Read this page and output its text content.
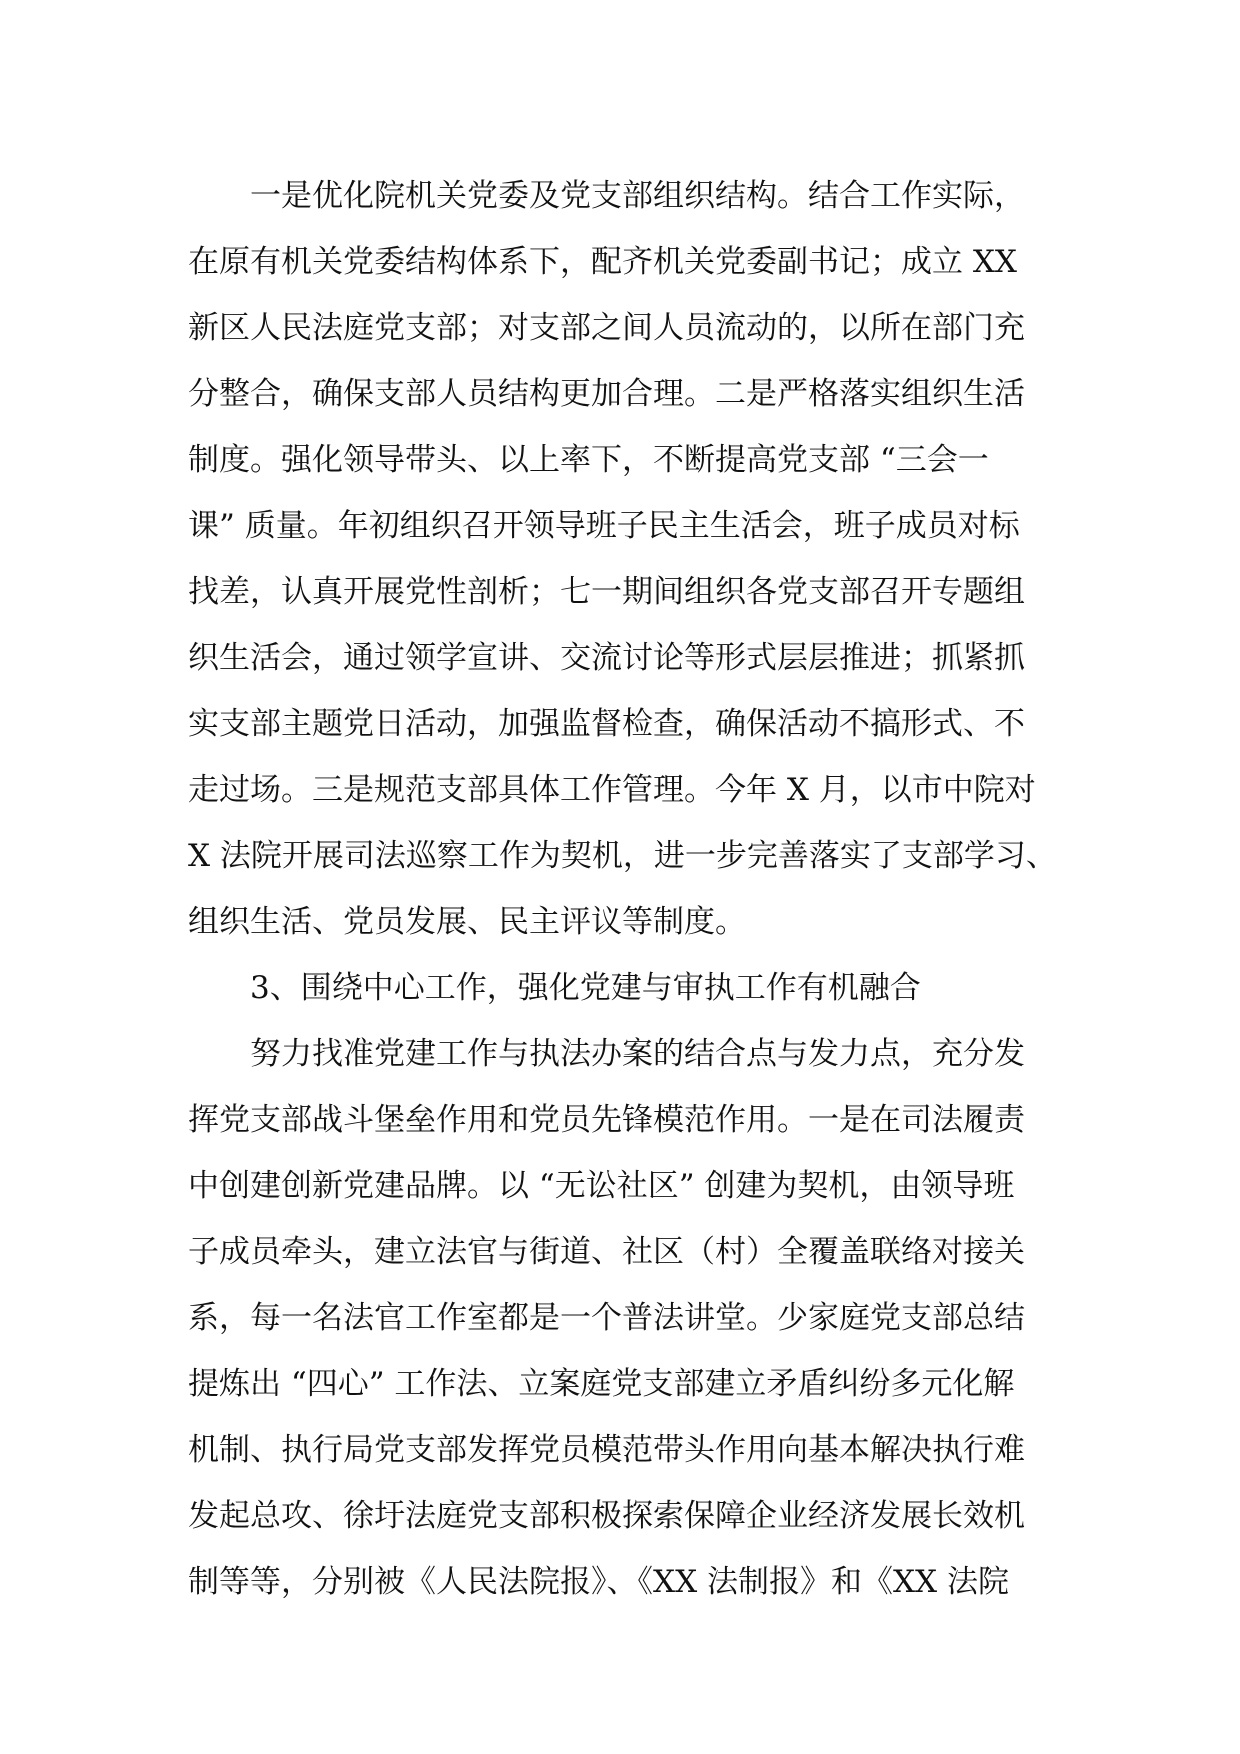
一是优化院机关党委及党支部组织结构。结合工作实际，
在原有机关党委结构体系下，配齐机关党委副书记；成立 XX
新区人民法庭党支部；对支部之间人员流动的，以所在部门充
分整合，确保支部人员结构更加合理。二是严格落实组织生活
制度。强化领导带头、以上率下，不断提高党支部 “三会一
课” 质量。年初组织召开领导班子民主生活会，班子成员对标
找差，认真开展党性剖析；七一期间组织各党支部召开专题组
织生活会，通过领学宣讲、交流讨论等形式层层推进；抓紧抓
实支部主题党日活动，加强监督检查，确保活动不搞形式、不
走过场。三是规范支部具体工作管理。今年 X 月，以市中院对
X 法院开展司法巡察工作为契机，进一步完善落实了支部学习、
组织生活、党员发展、民主评议等制度。
3、围绕中心工作，强化党建与审执工作有机融合
努力找准党建工作与执法办案的结合点与发力点，充分发
挥党支部战斗堡垒作用和党员先锋模范作用。一是在司法履责
中创建创新党建品牌。以 “无讼社区” 创建为契机，由领导班
子成员牵头，建立法官与街道、社区（村）全覆盖联络对接关
系，每一名法官工作室都是一个普法讲堂。少家庭党支部总结
提炼出 “四心” 工作法、立案庭党支部建立矛盾纠纷多元化解
机制、执行局党支部发挥党员模范带头作用向基本解决执行难
发起总攻、徐圩法庭党支部积极探索保障企业经济发展长效机
制等等，分别被《人民法院报》、《XX 法制报》和《XX 法院
